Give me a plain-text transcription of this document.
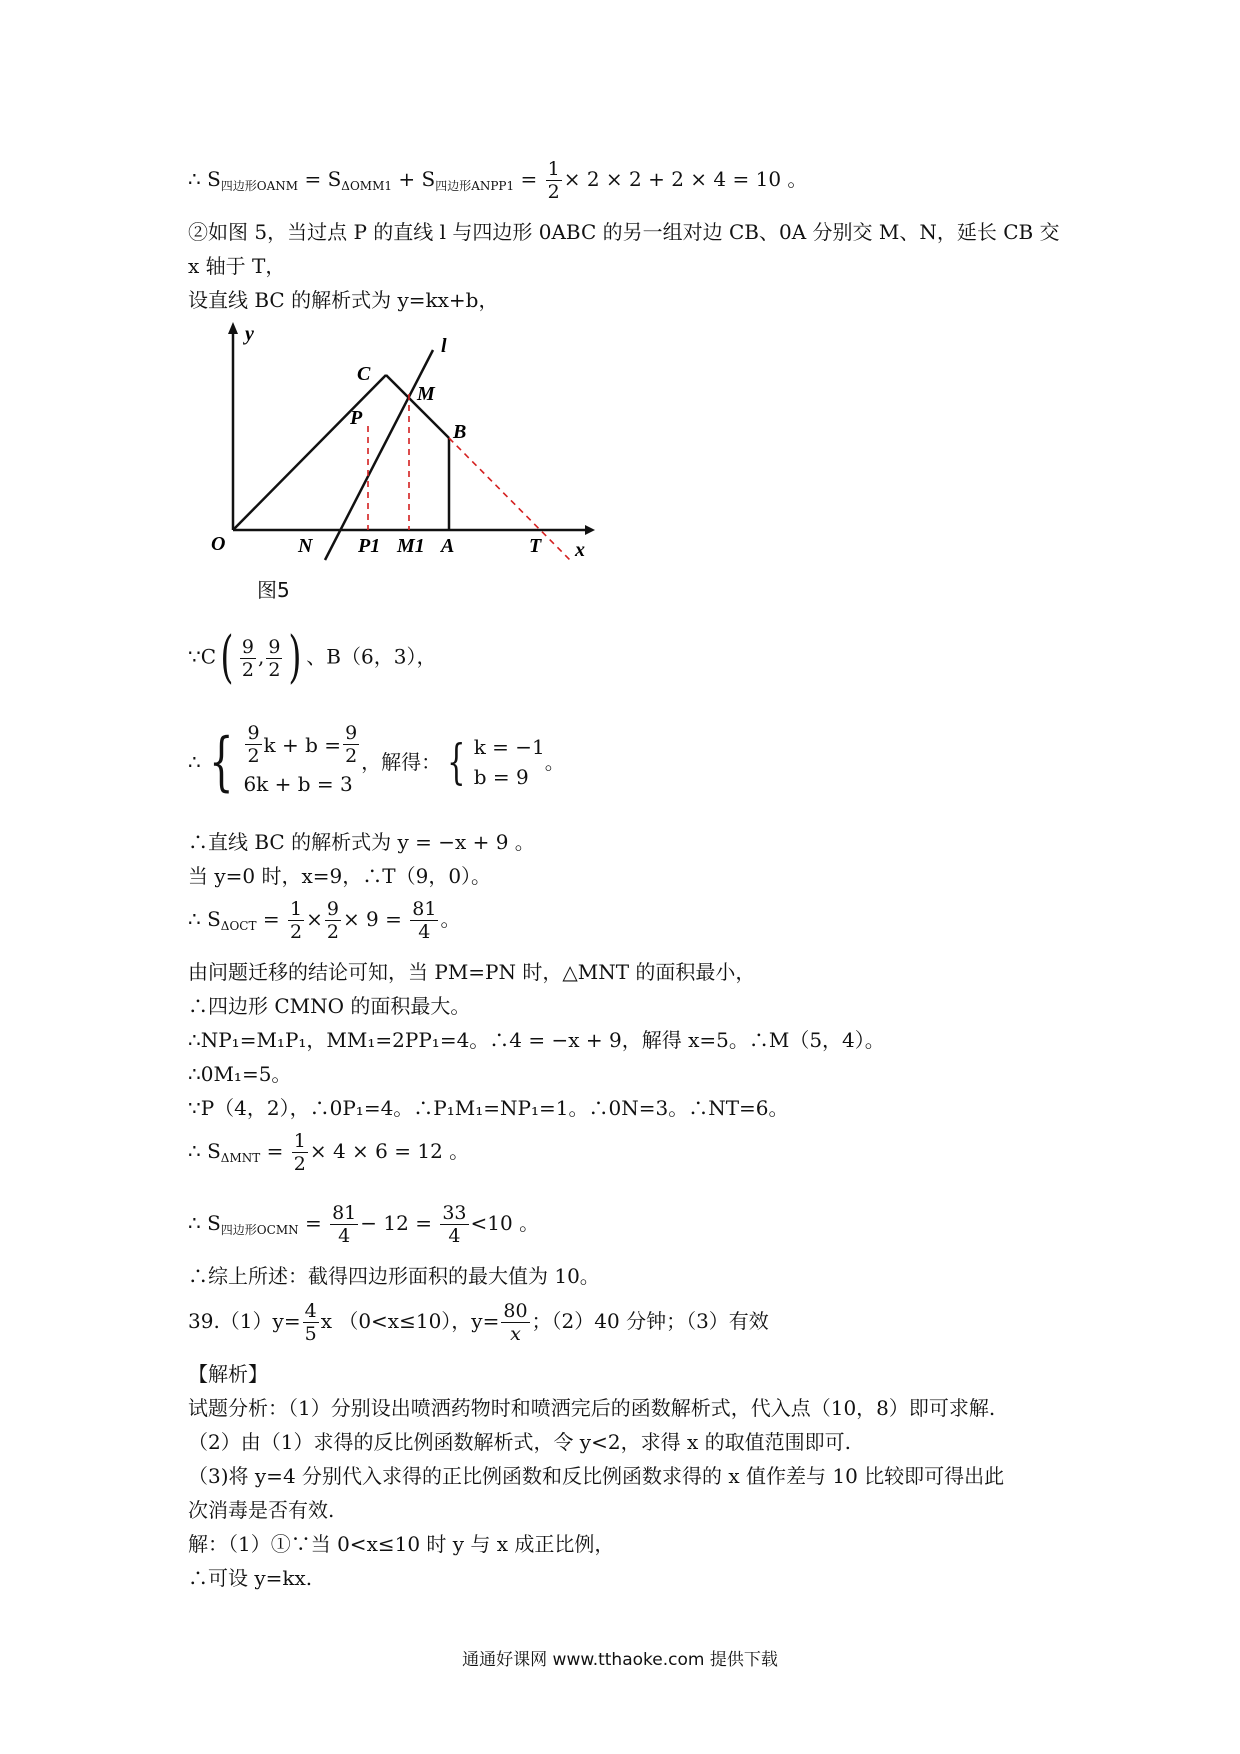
∴ $S_{四边形OANM} = S_{\Delta OMM1} + S_{四边形ANPP1} = \frac{1}{2} \times 2 \times 2 + 2 \times 4 = 10$ 。
②如图 5，当过点 P 的直线 l 与四边形 0ABC 的另一组对边 CB、0A 分别交 M、N，延长 CB 交
x 轴于 T，
设直线 BC 的解析式为 y=kx+b，
y
x
O
C
M
B
P
l
N P1 M1 A	T
图5
∵C( $\frac{9}{2}$ , $\frac{9}{2}$ ) 、B（6，3），
∴ { $\frac{9}{2}$ $k + b = \frac{9}{2}$
6k + b = 3
，解得： { k = −1
b = 9
。
∴直线 BC 的解析式为 y = −x + 9 。
当 y=0 时，x=9，∴T（9，0）。
∴ $S_{\Delta OCT} = \frac{1}{2} \times \frac{9}{2} \times 9 = \frac{81}{4}$ 。
由问题迁移的结论可知，当 PM=PN 时，△MNT 的面积最小，
∴四边形 CMNO 的面积最大。
∴NP₁=M₁P₁，MM₁=2PP₁=4。∴4 = −x + 9，解得 x=5。∴M（5，4）。
∴0M₁=5。
∵P（4，2），∴0P₁=4。∴P₁M₁=NP₁=1。∴0N=3。∴NT=6。
∴ $S_{\Delta MNT} = \frac{1}{2} \times 4 \times 6 = 12$ 。
∴ $S_{四边形OCMN} = \frac{81}{4} - 12 = \frac{33}{4} <10$ 。
∴综上所述：截得四边形面积的最大值为 10。
$39.(1)y= \frac{4}{5}$ x （0<x≤10），$y= \frac{80}{x}$ ；（2）40 分钟；（3）有效
【解析】
试题分析：（1）分别设出喷洒药物时和喷洒完后的函数解析式，代入点（10，8）即可求解.
（2）由（1）求得的反比例函数解析式，令 y<2，求得 x 的取值范围即可.
（3)将 y=4 分别代入求得的正比例函数和反比例函数求得的 x 值作差与 10 比较即可得出此
次消毒是否有效.
解：（1）①∵当 0<x≤10 时 y 与 x 成正比例，
∴可设 y=kx.
通通好课网 www.tthaoke.com 提供下载
